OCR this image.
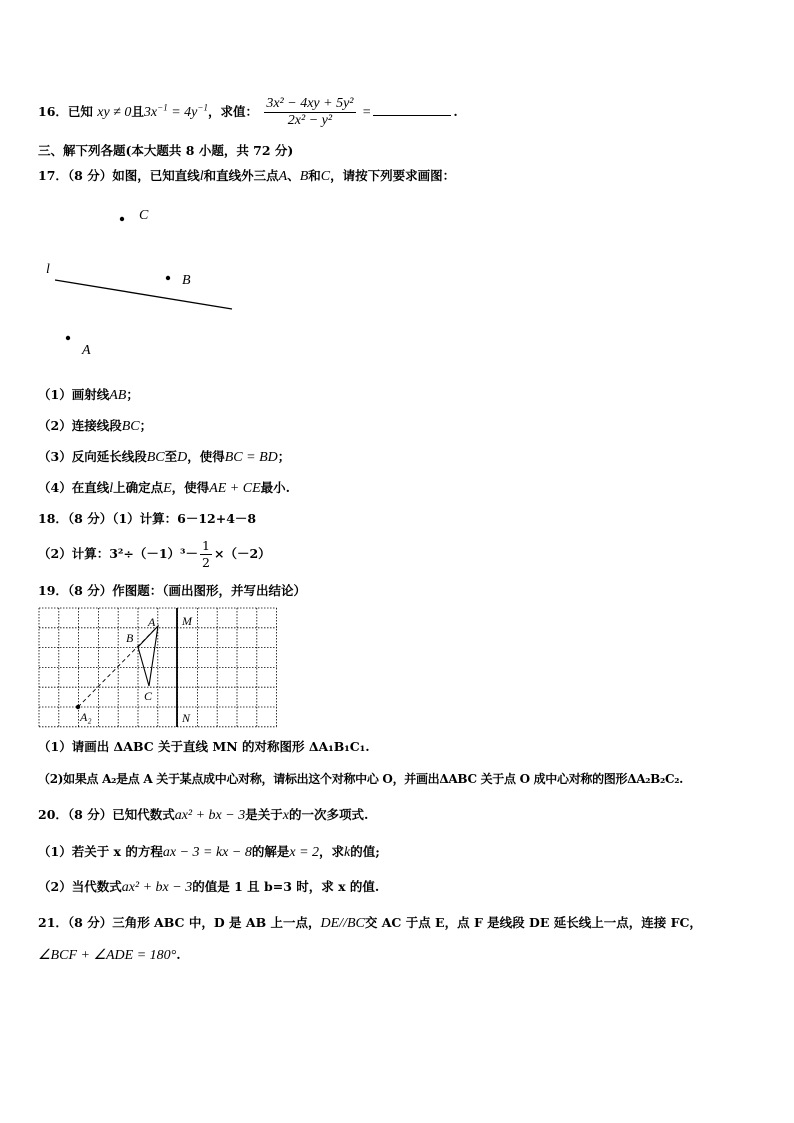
16．已知 xy ≠ 0且$3x^{-1} = 4y^{-1}$，求值： $\frac{\text{3x² − 4xy + 5y²}}{\text{2x² − y²}}$ =	.
三、解下列各题(本大题共 8 小题，共 72 分)
17．（8 分）如图，已知直线l和直线外三点A、B和C，请按下列要求画图：
C
l
B
A
（1）画射线AB；
（2）连接线段BC；
（3）反向延长线段BC至D，使得BC = BD；
（4）在直线l上确定点E，使得AE + CE最小.
18．（8 分）（1）计算：6－12+4－8
（2）计算：$3^2\div(-1)^3- \frac{1}{2} \times(-2)$
19．（8 分）作图题：（画出图形，并写出结论）
A
B
C
M
N
A₂
（1）请画出 ΔABC 关于直线 MN 的对称图形 ΔA₁B₁C₁.
（2)如果点 A₂是点 A 关于某点成中心对称，请标出这个对称中心 O，并画出ΔABC 关于点 O 成中心对称的图形ΔA₂B₂C₂.
20．（8 分）已知代数式ax² + bx − 3是关于x的一次多项式.
（1）若关于 x 的方程ax − 3 = kx − 8的解是x = 2，求k的值;
（2）当代数式ax² + bx − 3的值是 1 且 b=3 时，求 x 的值.
21．（8 分）三角形 ABC 中，D 是 AB 上一点，DE//BC交 AC 于点 E，点 F 是线段 DE 延长线上一点，连接 FC，
∠BCF + ∠ADE = 180°.
